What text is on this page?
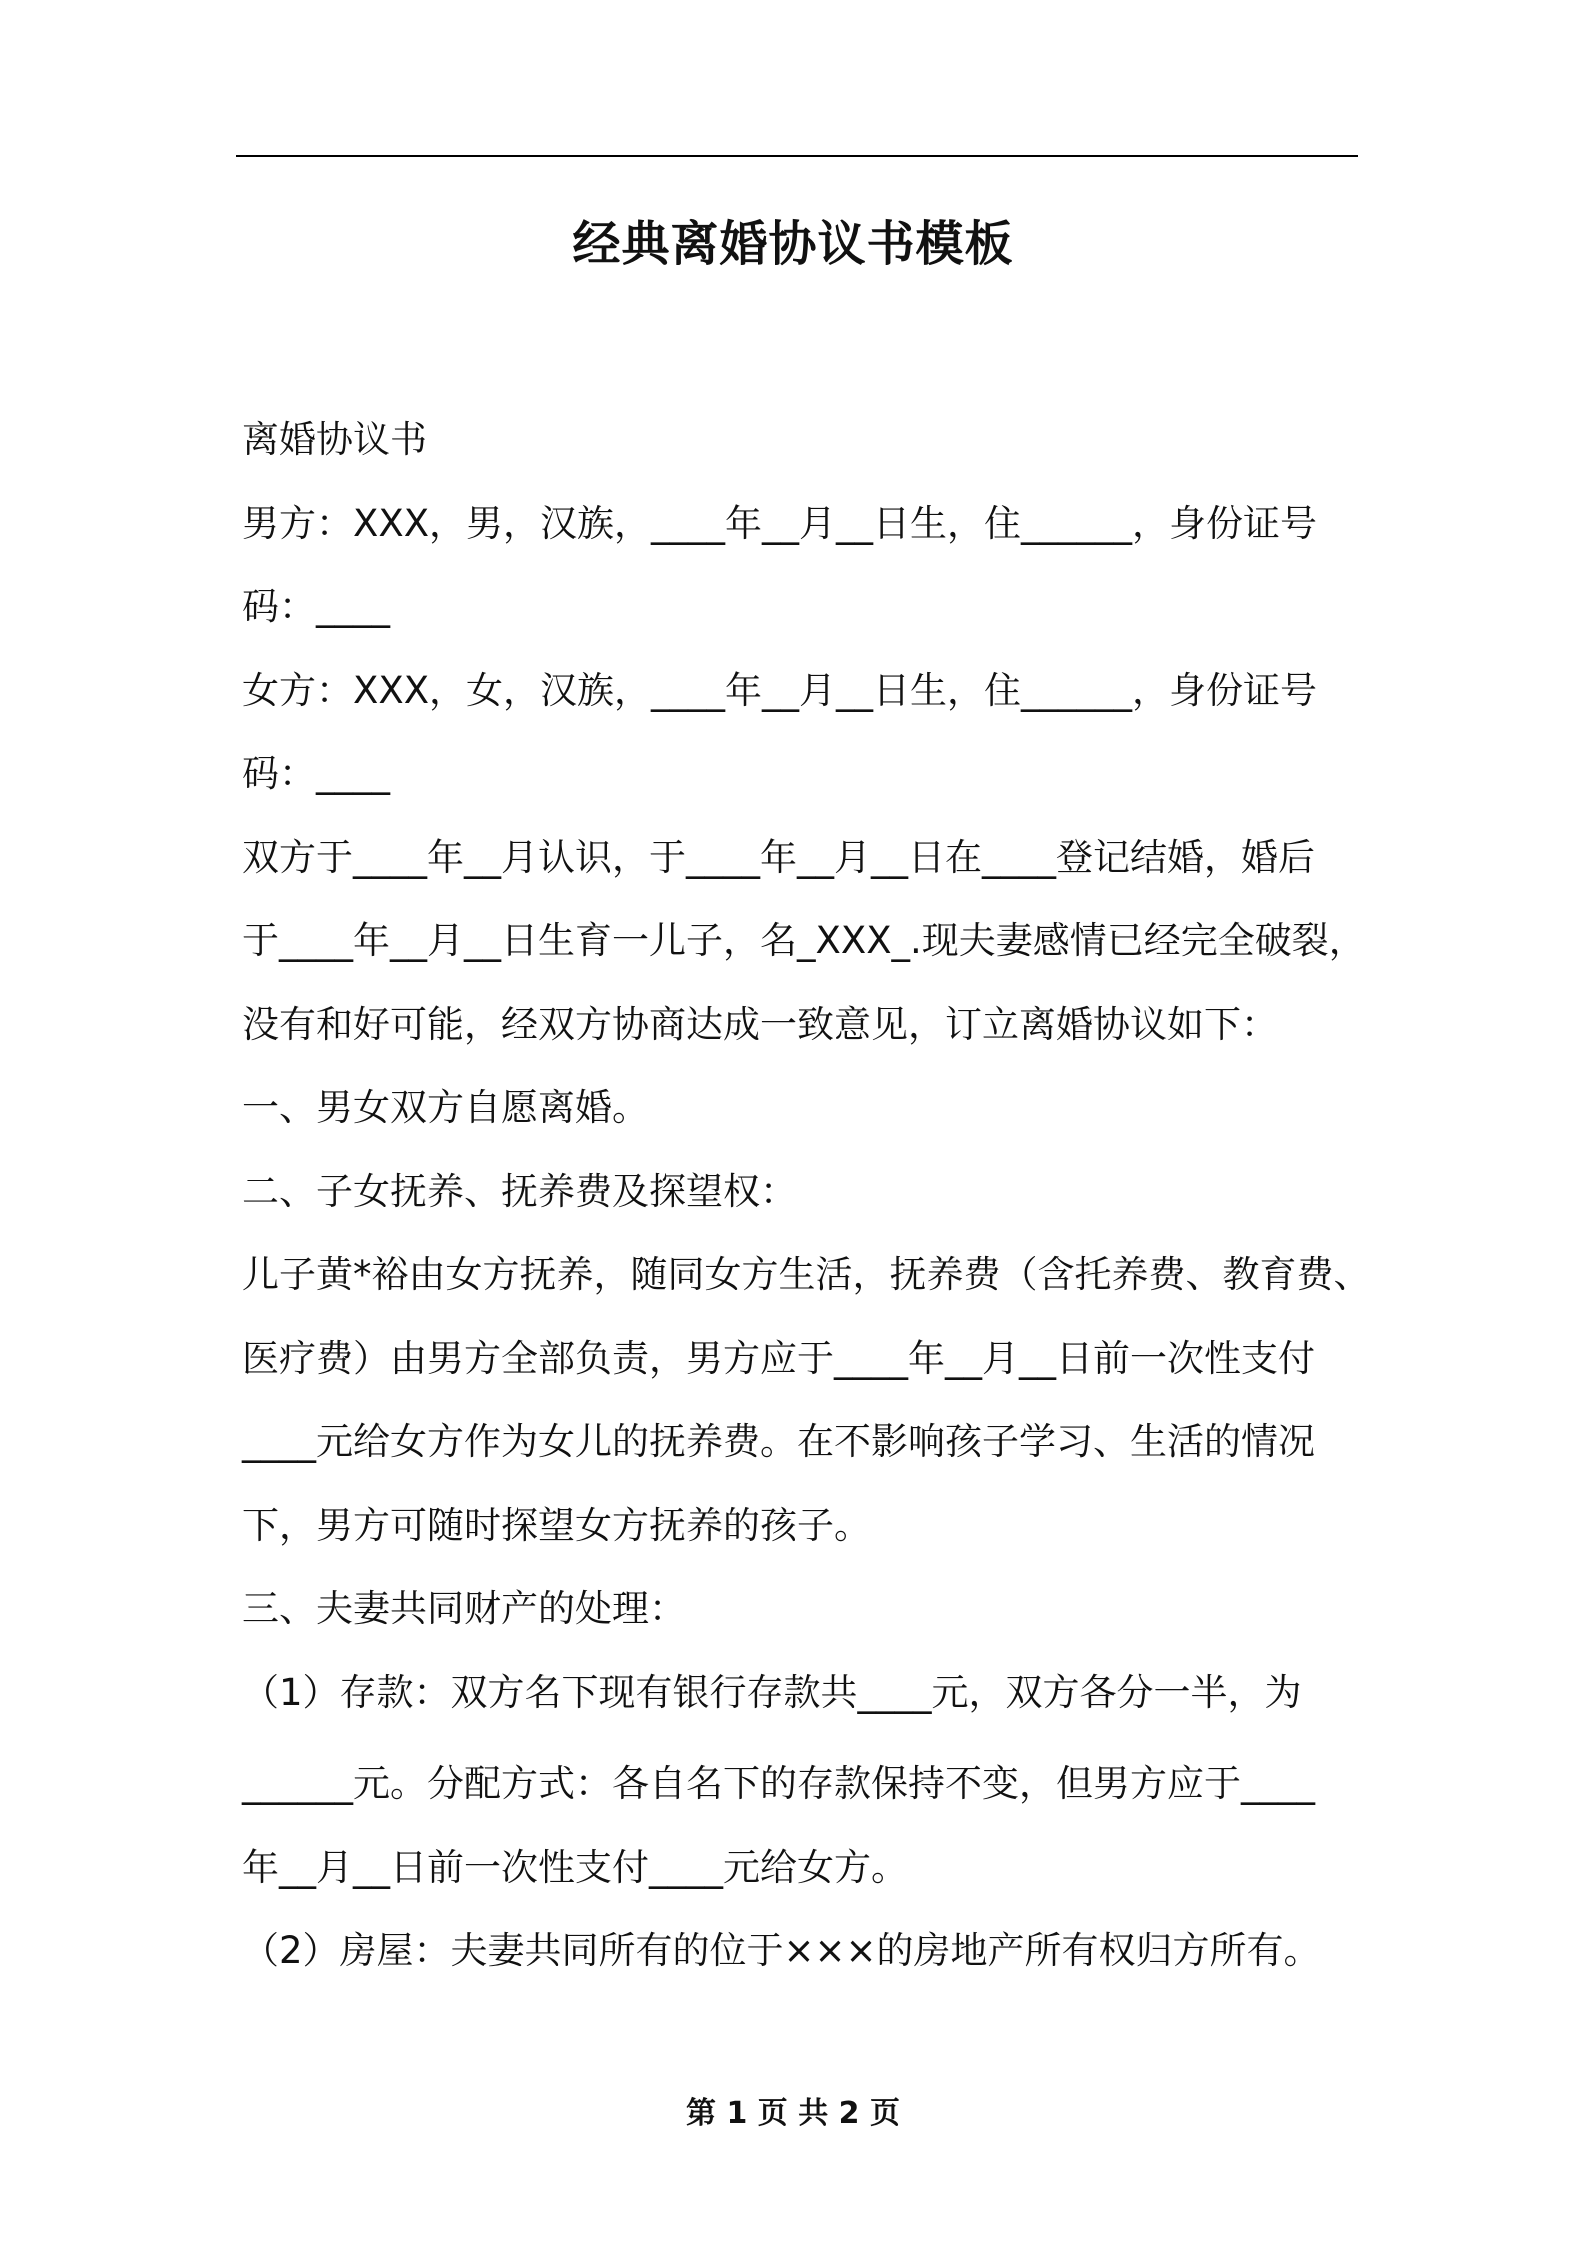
经典离婚协议书模板

离婚协议书

男方：XXX，男，汉族，____年__月__日生，住______，身份证号

码：____

女方：XXX，女，汉族，____年__月__日生，住______，身份证号

码：____

双方于____年__月认识，于____年__月__日在____登记结婚，婚后

于____年__月__日生育一儿子，名_XXX_.现夫妻感情已经完全破裂，

没有和好可能，经双方协商达成一致意见，订立离婚协议如下：

一、男女双方自愿离婚。

二、子女抚养、抚养费及探望权：

儿子黄*裕由女方抚养，随同女方生活，抚养费（含托养费、教育费、

医疗费）由男方全部负责，男方应于____年__月__日前一次性支付

____元给女方作为女儿的抚养费。在不影响孩子学习、生活的情况

下，男方可随时探望女方抚养的孩子。

三、夫妻共同财产的处理：

（1）存款：双方名下现有银行存款共____元，双方各分一半，为

______元。分配方式：各自名下的存款保持不变，但男方应于____

年__月__日前一次性支付____元给女方。

（2）房屋：夫妻共同所有的位于×××的房地产所有权归方所有。

第 1 页 共 2 页
